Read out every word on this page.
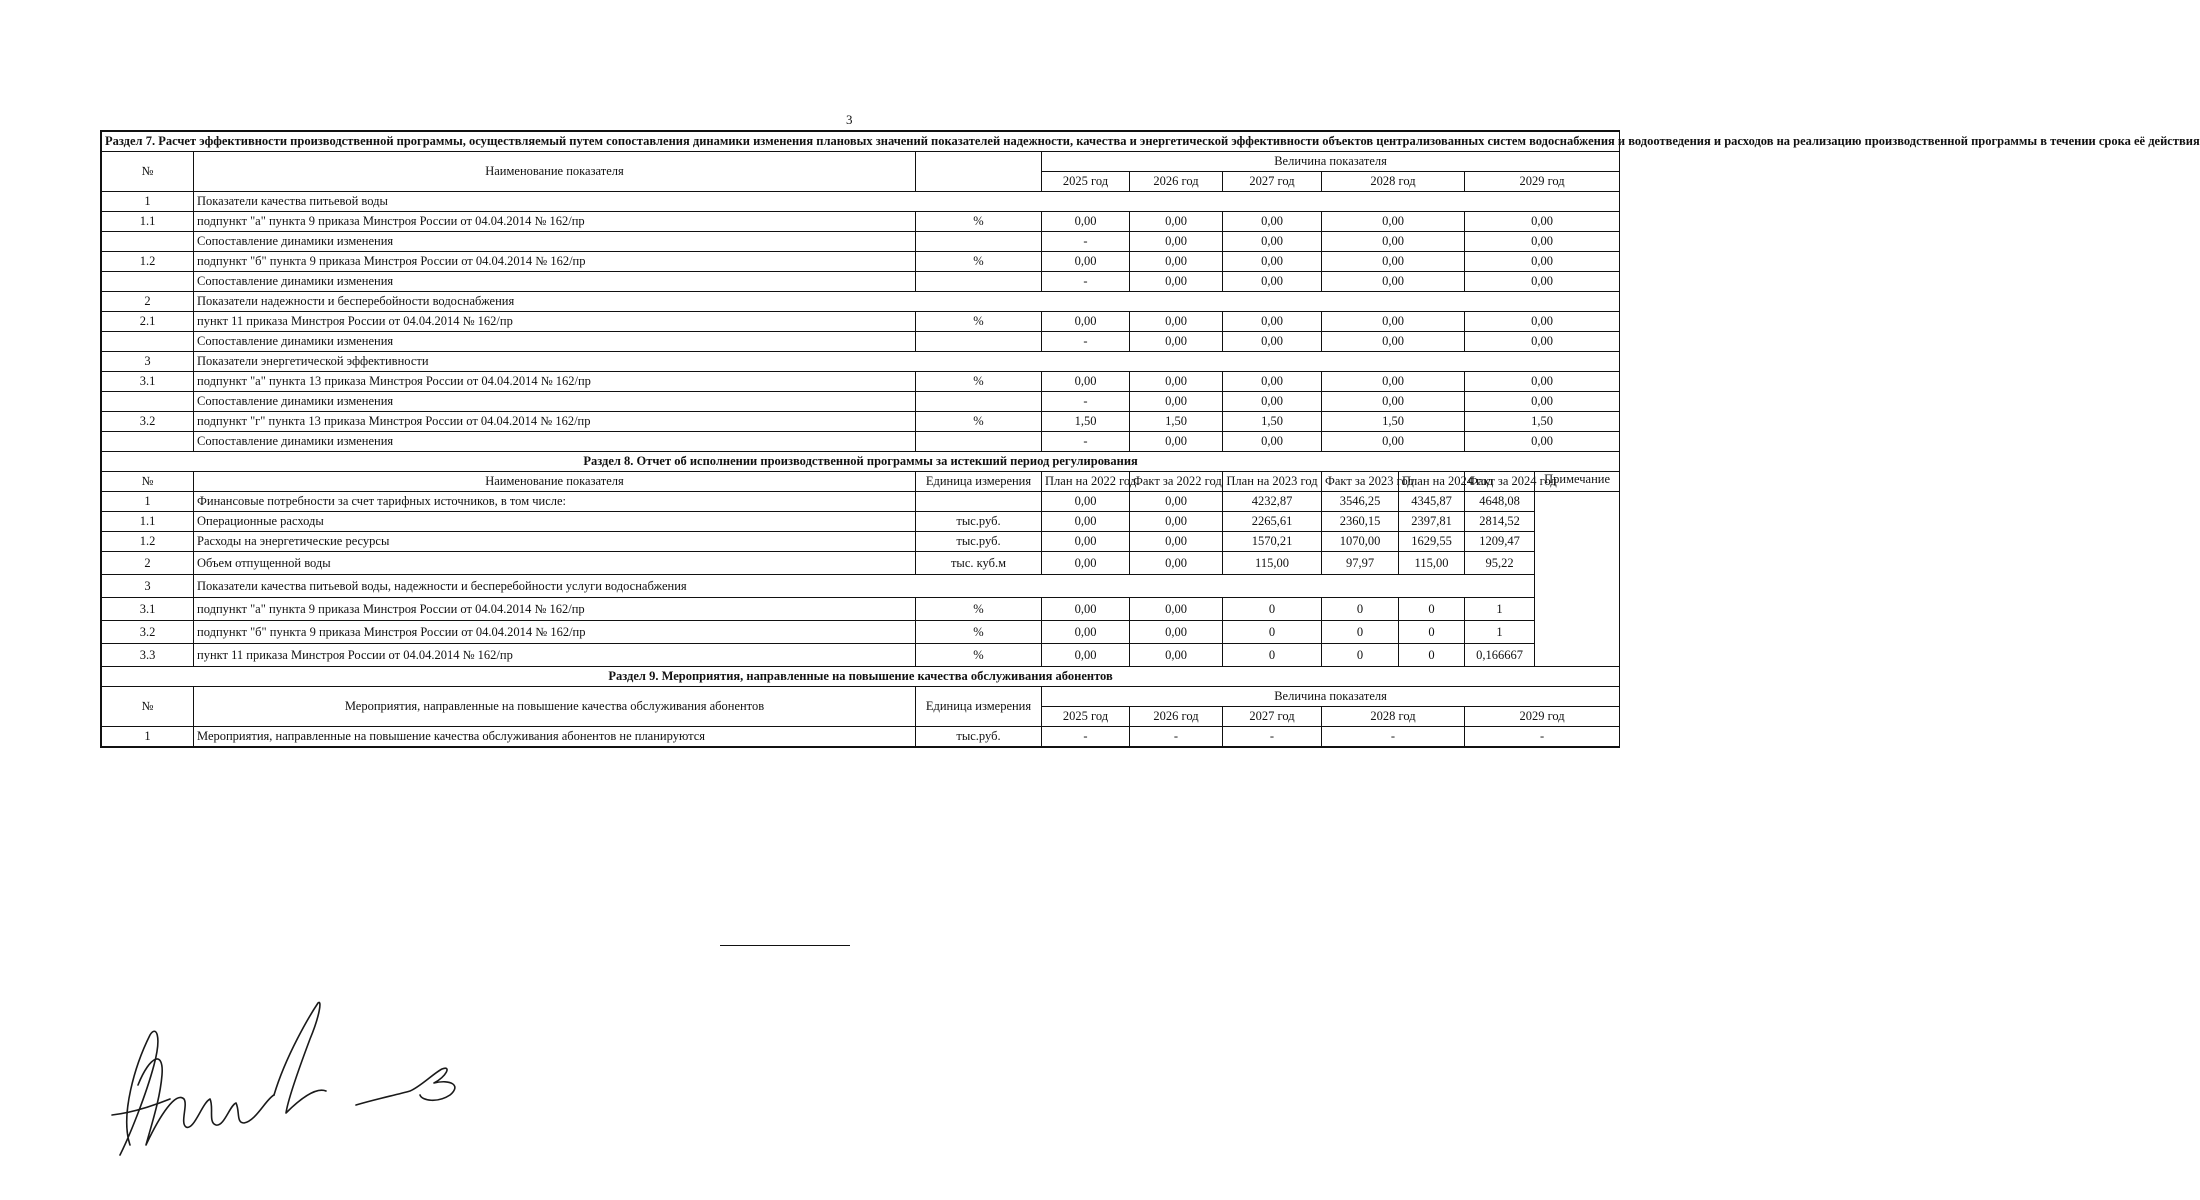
3
Раздел 7. Расчет эффективности производственной программы, осуществляемый путем сопоставления динамики изменения плановых значений показателей надежности, качества и энергетической эффективности объектов централизованных систем водоснабжения и водоотведения и расходов на реализацию производственной программы в течении срока её действия									
№	Наименование показателя		Величина показателя						
			2025 год	2026 год	2027 год	2028 год		2029 год	
1	Показатели качества питьевой воды								
1.1	подпункт "а" пункта 9 приказа Минстроя России от 04.04.2014 № 162/пр	%	0,00	0,00	0,00	0,00		0,00	
	Сопоставление динамики изменения		-	0,00	0,00	0,00		0,00	
1.2	подпункт "б" пункта 9 приказа Минстроя России от 04.04.2014 № 162/пр	%	0,00	0,00	0,00	0,00		0,00	
	Сопоставление динамики изменения		-	0,00	0,00	0,00		0,00	
2	Показатели надежности и бесперебойности водоснабжения								
2.1	пункт 11 приказа Минстроя России от 04.04.2014 № 162/пр	%	0,00	0,00	0,00	0,00		0,00	
	Сопоставление динамики изменения		-	0,00	0,00	0,00		0,00	
3	Показатели энергетической эффективности								
3.1	подпункт "а" пункта 13 приказа Минстроя России от 04.04.2014 № 162/пр	%	0,00	0,00	0,00	0,00		0,00	
	Сопоставление динамики изменения		-	0,00	0,00	0,00		0,00	
3.2	подпункт "г" пункта 13 приказа Минстроя России от 04.04.2014 № 162/пр	%	1,50	1,50	1,50	1,50		1,50	
	Сопоставление динамики изменения		-	0,00	0,00	0,00		0,00	
Раздел 8. Отчет об исполнении производственной программы за истекший период регулирования									
№	Наименование показателя	Единица измерения	План на 2022 год	Факт за 2022 год	План на 2023 год	Факт за 2023 год	План на 2024 год	Факт за 2024 год	Примечание
1	Финансовые потребности за счет тарифных источников, в том числе:		0,00	0,00	4232,87	3546,25	4345,87	4648,08	
1.1	Операционные расходы	тыс.руб.	0,00	0,00	2265,61	2360,15	2397,81	2814,52	
1.2	Расходы на энергетические ресурсы	тыс.руб.	0,00	0,00	1570,21	1070,00	1629,55	1209,47	
2	Объем отпущенной воды	тыс. куб.м	0,00	0,00	115,00	97,97	115,00	95,22	
3	Показатели качества питьевой воды, надежности и бесперебойности услуги водоснабжения								
3.1	подпункт "а" пункта 9 приказа Минстроя России от 04.04.2014 № 162/пр	%	0,00	0,00	0	0	0	1	
3.2	подпункт "б" пункта 9 приказа Минстроя России от 04.04.2014 № 162/пр	%	0,00	0,00	0	0	0	1	
3.3	пункт 11 приказа Минстроя России от 04.04.2014 № 162/пр	%	0,00	0,00	0	0	0	0,166667	
Раздел 9. Мероприятия, направленные на повышение качества обслуживания абонентов									
№	Мероприятия, направленные на повышение качества обслуживания абонентов	Единица измерения	Величина показателя						
			2025 год	2026 год	2027 год	2028 год		2029 год	
1	Мероприятия, направленные на повышение качества обслуживания абонентов не планируются	тыс.руб.	-	-	-	-		-	
